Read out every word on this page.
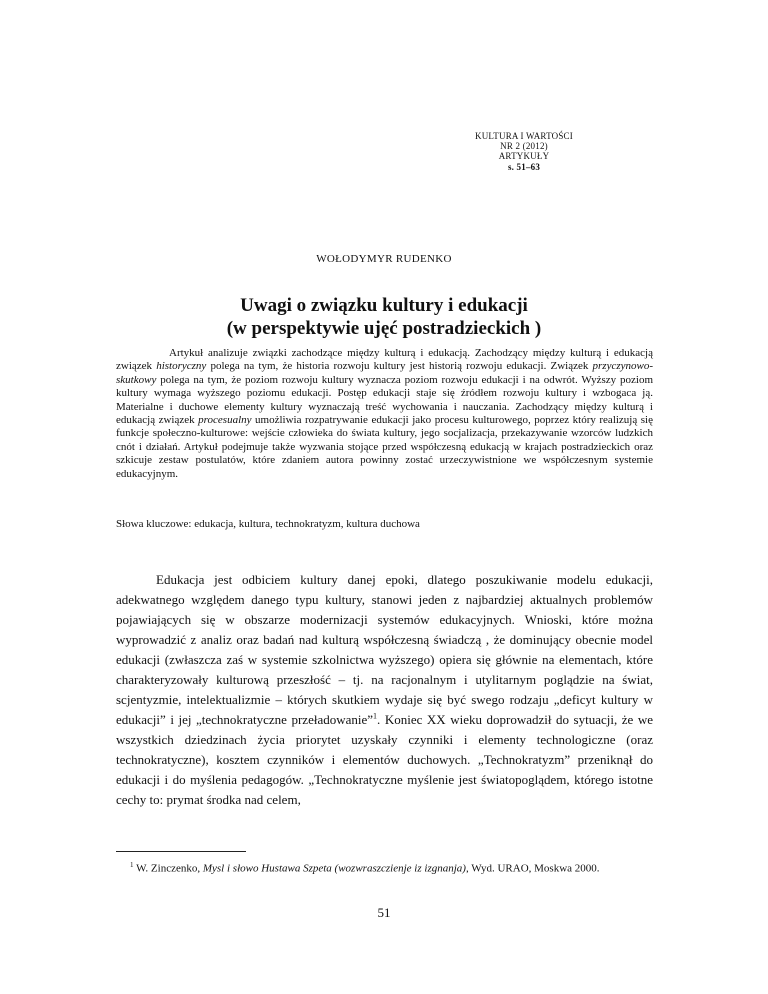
KULTURA I WARTOŚCI
NR 2 (2012)
ARTYKUŁY
s. 51–63
WOŁODYMYR RUDENKO
Uwagi o związku kultury i edukacji
(w perspektywie ujęć postradzieckich )

Artykuł analizuje związki zachodzące między kulturą i edukacją. Zachodzący między kulturą i edukacją związek historyczny polega na tym, że historia rozwoju kultury jest historią rozwoju edukacji. Związek przyczynowo-skutkowy polega na tym, że poziom rozwoju kultury wyznacza poziom rozwoju edukacji i na odwrót. Wyższy poziom kultury wymaga wyższego poziomu edukacji. Postęp edukacji staje się źródłem rozwoju kultury i wzbogaca ją. Materialne i duchowe elementy kultury wyznaczają treść wychowania i nauczania. Zachodzący między kulturą i edukacją związek procesualny umożliwia rozpatrywanie edukacji jako procesu kulturowego, poprzez który realizują się funkcje społeczno-kulturowe: wejście człowieka do świata kultury, jego socjalizacja, przekazywanie wzorców ludzkich cnót i działań. Artykuł podejmuje także wyzwania stojące przed współczesną edukacją w krajach postradzieckich oraz szkicuje zestaw postulatów, które zdaniem autora powinny zostać urzeczywistnione we współczesnym systemie edukacyjnym.

Słowa kluczowe: edukacja, kultura, technokratyzm, kultura duchowa

Edukacja jest odbiciem kultury danej epoki, dlatego poszukiwanie modelu edukacji, adekwatnego względem danego typu kultury, stanowi jeden z najbardziej aktualnych problemów pojawiających się w obszarze modernizacji systemów edukacyjnych. Wnioski, które można wyprowadzić z analiz oraz badań nad kulturą współczesną świadczą , że dominujący obecnie model edukacji (zwłaszcza zaś w systemie szkolnictwa wyższego) opiera się głównie na elementach, które charakteryzowały kulturową przeszłość – tj. na racjonalnym i utylitarnym poglądzie na świat, scjentyzmie, intelektualizmie – których skutkiem wydaje się być swego rodzaju „deficyt kultury w edukacji” i jej „technokratyczne przeładowanie”$^1$. Koniec XX wieku doprowadził do sytuacji, że we wszystkich dziedzinach życia priorytet uzyskały czynniki i elementy technologiczne (oraz technokratyczne), kosztem czynników i elementów duchowych. „Technokratyzm” przeniknął do edukacji i do myślenia pedagogów. „Technokratyczne myślenie jest światopoglądem, którego istotne cechy to: prymat środka nad celem,

$^1$ W. Zinczenko, Mysl i słowo Hustawa Szpeta (wozwraszczienje iz izgnanja), Wyd. URAO, Moskwa 2000.

51
